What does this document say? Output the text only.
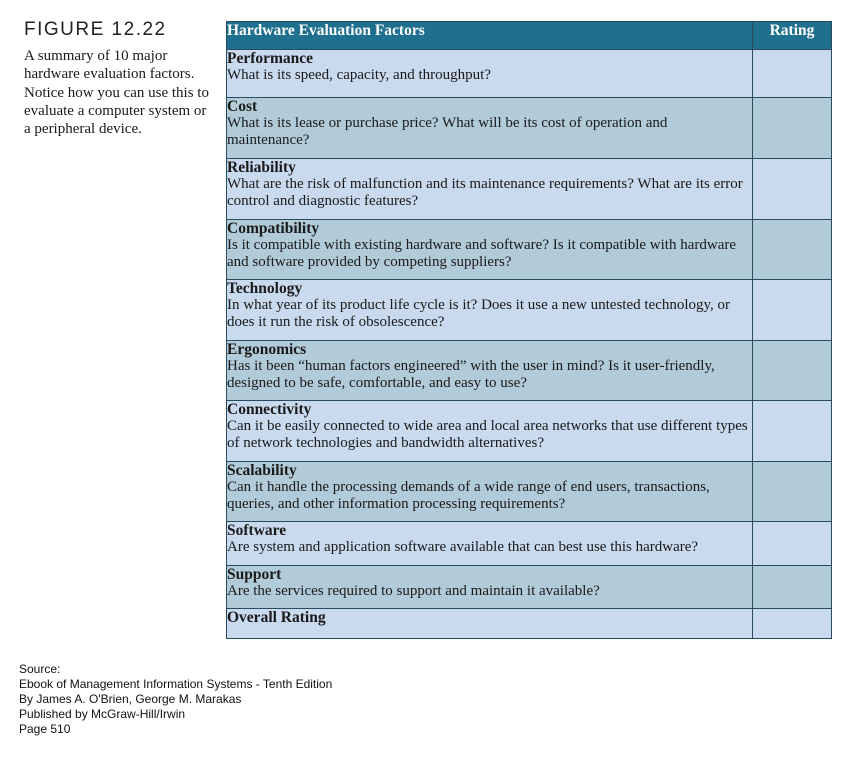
FIGURE 12.22

A summary of 10 major hardware evaluation factors. Notice how you can use this to evaluate a computer system or a peripheral device.

Hardware Evaluation Factors	Rating

Performance
What is its speed, capacity, and throughput?	

Cost
What is its lease or purchase price? What will be its cost of operation and maintenance?	

Reliability
What are the risk of malfunction and its maintenance requirements? What are its error control and diagnostic features?	

Compatibility
Is it compatible with existing hardware and software? Is it compatible with hardware and software provided by competing suppliers?	

Technology
In what year of its product life cycle is it? Does it use a new untested technology, or does it run the risk of obsolescence?	

Ergonomics
Has it been “human factors engineered” with the user in mind? Is it user-friendly, designed to be safe, comfortable, and easy to use?	

Connectivity
Can it be easily connected to wide area and local area networks that use different types of network technologies and bandwidth alternatives?	

Scalability
Can it handle the processing demands of a wide range of end users, transactions, queries, and other information processing requirements?	

Software
Are system and application software available that can best use this hardware?	

Support
Are the services required to support and maintain it available?	

Overall Rating	
Source:
Ebook of Management Information Systems - Tenth Edition
By James A. O'Brien, George M. Marakas
Published by McGraw-Hill/Irwin
Page 510
